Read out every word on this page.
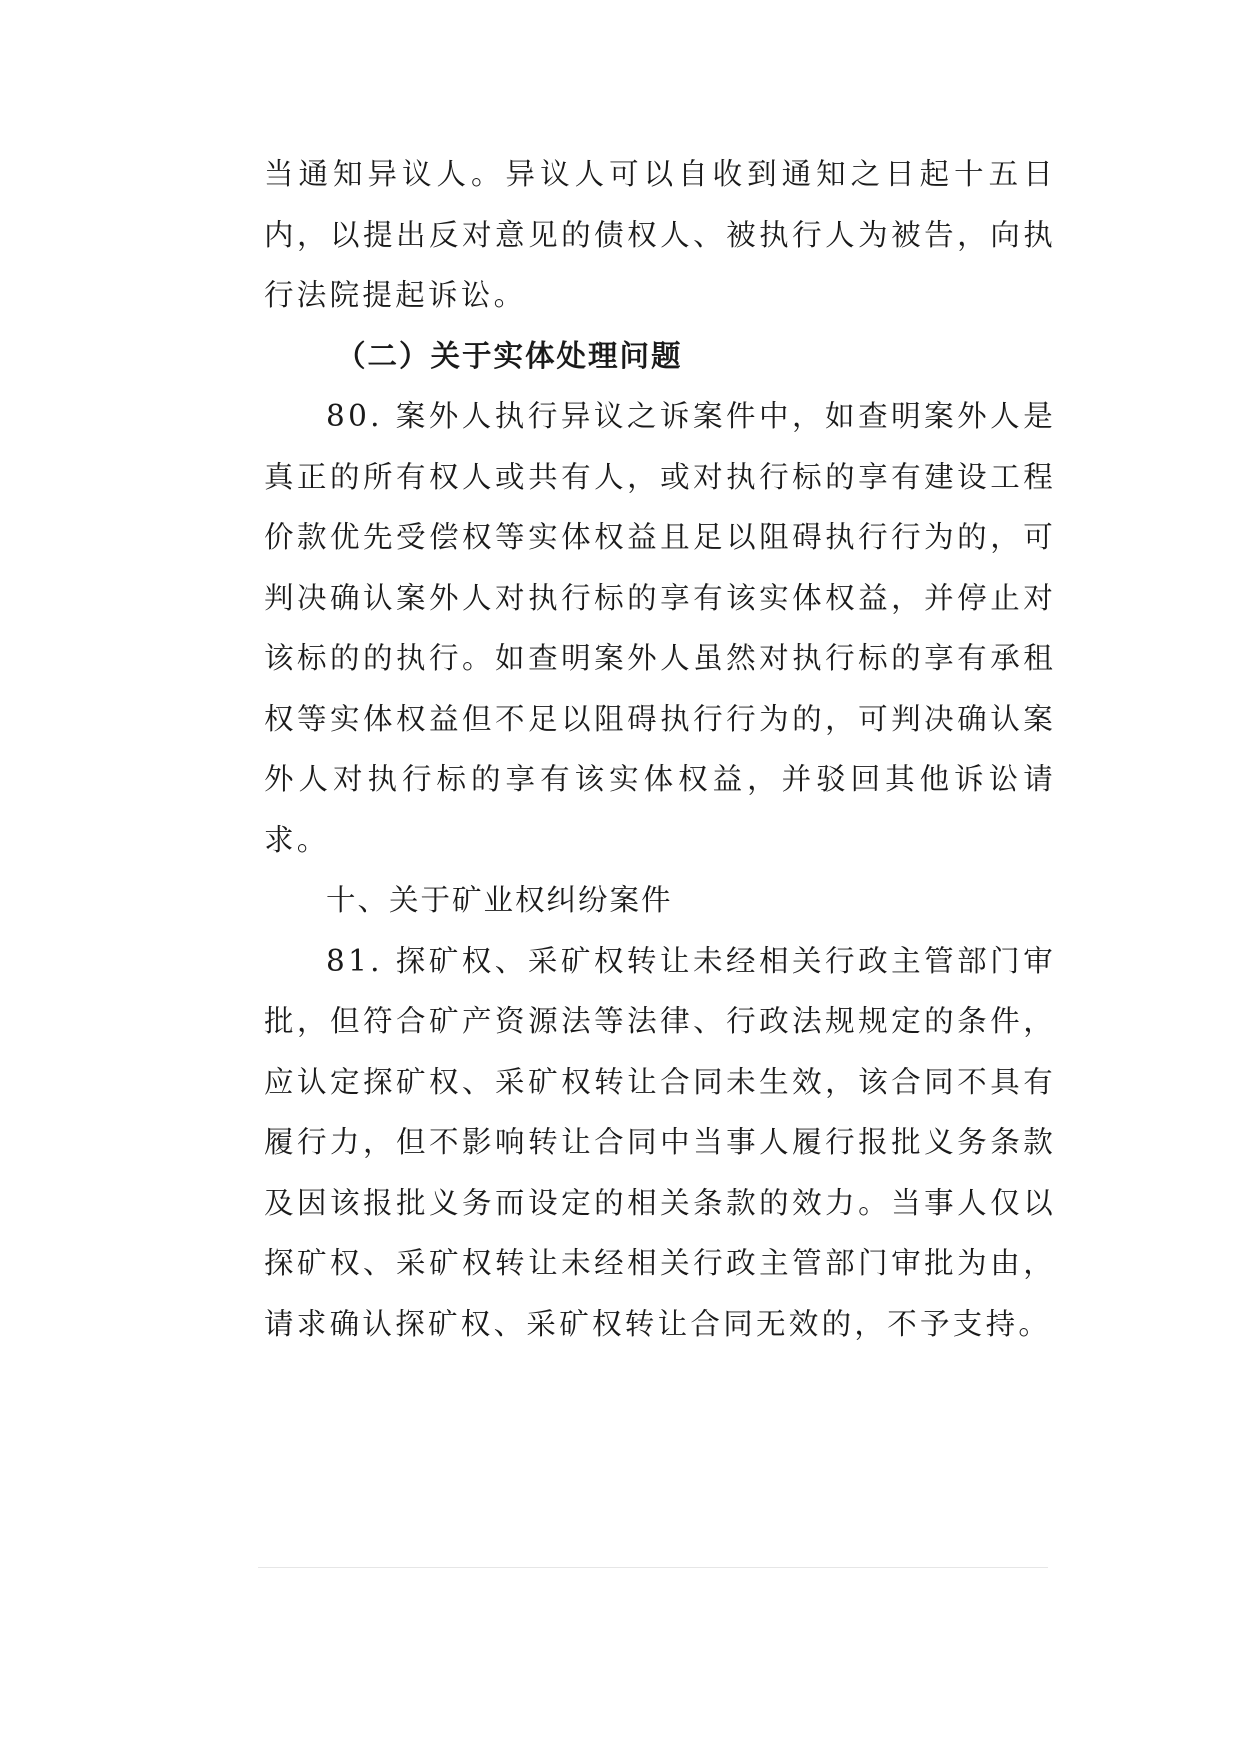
当通知异议人。异议人可以自收到通知之日起十五日内，以提出反对意见的债权人、被执行人为被告，向执行法院提起诉讼。

（二）关于实体处理问题

80. 案外人执行异议之诉案件中，如查明案外人是真正的所有权人或共有人，或对执行标的享有建设工程价款优先受偿权等实体权益且足以阻碍执行行为的，可判决确认案外人对执行标的享有该实体权益，并停止对该标的的执行。如查明案外人虽然对执行标的享有承租权等实体权益但不足以阻碍执行行为的，可判决确认案外人对执行标的享有该实体权益，并驳回其他诉讼请求。

十、关于矿业权纠纷案件

81. 探矿权、采矿权转让未经相关行政主管部门审批，但符合矿产资源法等法律、行政法规规定的条件，应认定探矿权、采矿权转让合同未生效，该合同不具有履行力，但不影响转让合同中当事人履行报批义务条款及因该报批义务而设定的相关条款的效力。当事人仅以探矿权、采矿权转让未经相关行政主管部门审批为由，请求确认探矿权、采矿权转让合同无效的，不予支持。
